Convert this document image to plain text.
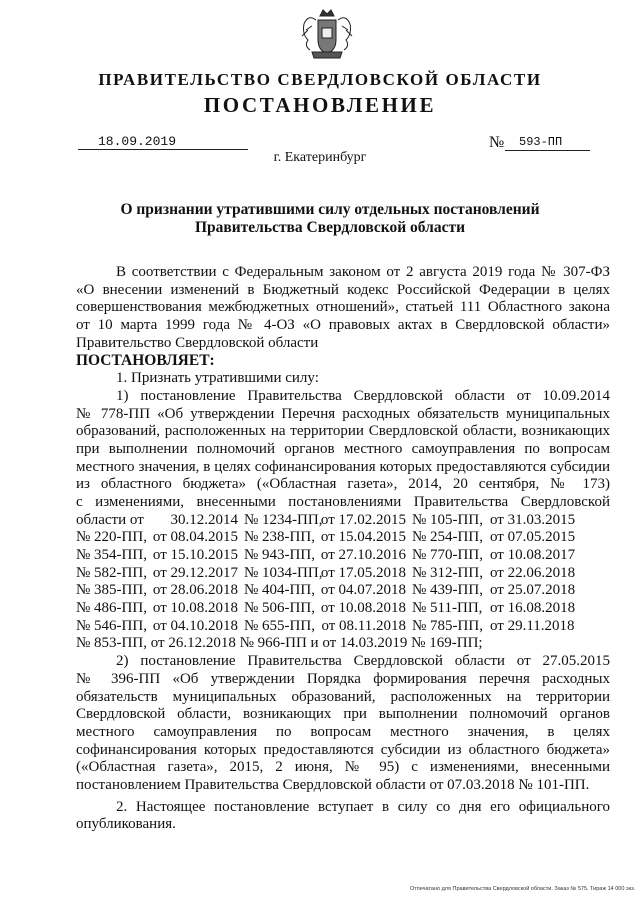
ПРАВИТЕЛЬСТВО СВЕРДЛОВСКОЙ ОБЛАСТИ
ПОСТАНОВЛЕНИЕ
18.09.2019	№ 593-ПП
г. Екатеринбург
О признании утратившими силу отдельных постановлений
Правительства Свердловской области
В соответствии с Федеральным законом от 2 августа 2019 года № 307-ФЗ
«О внесении изменений в Бюджетный кодекс Российской Федерации в целях
совершенствования межбюджетных отношений», статьей 111 Областного закона
от 10 марта 1999 года № 4-ОЗ «О правовых актах в Свердловской области»
Правительство Свердловской области
ПОСТАНОВЛЯЕТ:
1. Признать утратившими силу:
1) постановление Правительства Свердловской области от 10.09.2014
№ 778-ПП «Об утверждении Перечня расходных обязательств муниципальных
образований, расположенных на территории Свердловской области, возникающих
при выполнении полномочий органов местного самоуправления по вопросам
местного значения, в целях софинансирования которых предоставляются субсидии
из областного бюджета» («Областная газета», 2014, 20 сентября, № 173)
с изменениями, внесенными постановлениями Правительства Свердловской
области от	30.12.2014 № 1234-ПП,
от 17.02.2015 № 105-ПП, от 31.03.2015
№ 220-ПП, от 08.04.2015 № 238-ПП, от 15.04.2015 № 254-ПП, от 07.05.2015
№ 354-ПП, от 15.10.2015 № 943-ПП, от 27.10.2016 № 770-ПП, от 10.08.2017
№ 582-ПП, от 29.12.2017 № 1034-ПП,
от 17.05.2018 № 312-ПП, от 22.06.2018
№ 385-ПП, от 28.06.2018 № 404-ПП, от 04.07.2018 № 439-ПП, от 25.07.2018
№ 486-ПП, от 10.08.2018 № 506-ПП, от 10.08.2018 № 511-ПП, от 16.08.2018
№ 546-ПП, от 04.10.2018 № 655-ПП, от 08.11.2018 № 785-ПП, от 29.11.2018
№ 853-ПП, от 26.12.2018 № 966-ПП и от 14.03.2019 № 169-ПП;
2) постановление Правительства Свердловской области от 27.05.2015
№ 396-ПП «Об утверждении Порядка формирования перечня расходных
обязательств муниципальных образований, расположенных на территории
Свердловской области, возникающих при выполнении полномочий органов
местного самоуправления по вопросам местного значения, в целях
софинансирования которых предоставляются субсидии из областного бюджета»
(«Областная газета», 2015, 2 июня, № 95) с изменениями, внесенными
постановлением Правительства Свердловской области от 07.03.2018 № 101-ПП.
2. Настоящее постановление вступает в силу со дня его официального
опубликования.
Отпечатано для Правительства Свердловской области. Заказ № 575. Тираж 14 000 экз.
